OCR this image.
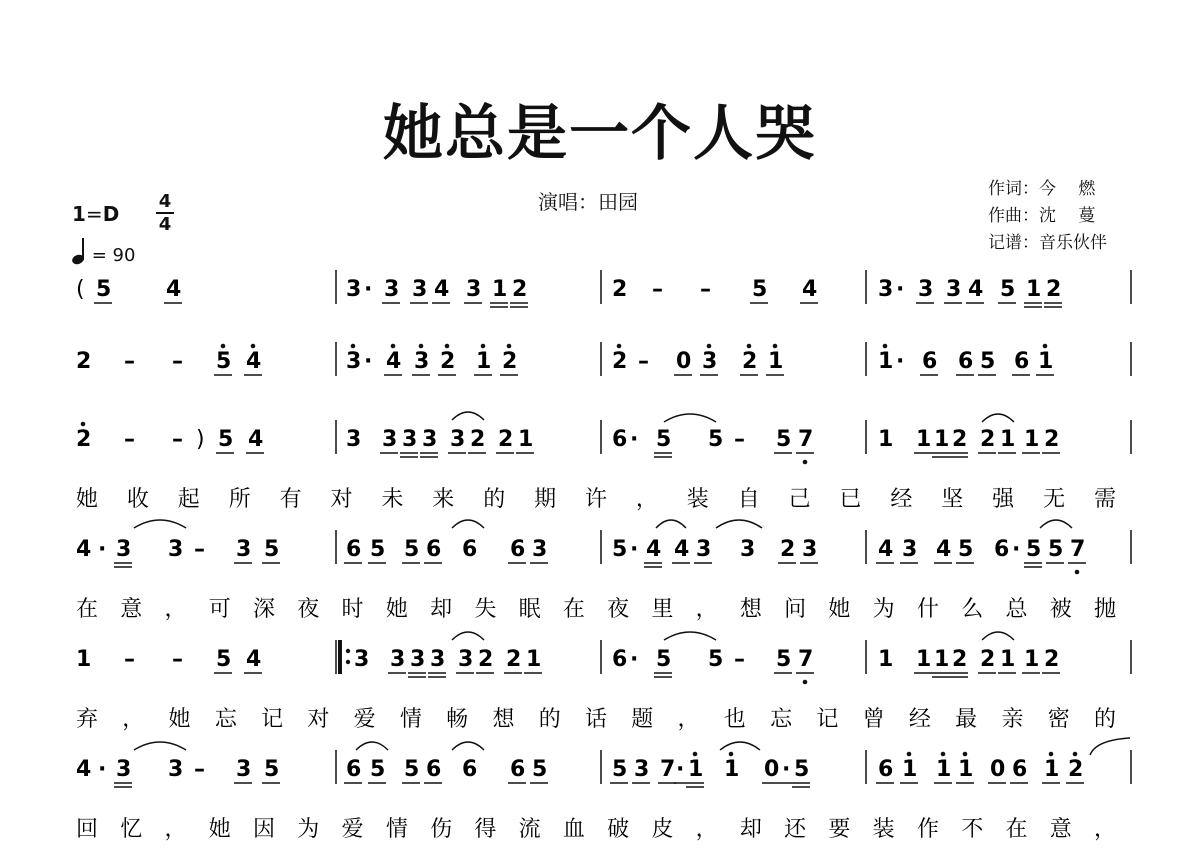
她总是一个人哭
演唱：田园
作词：今　 燃
作曲：沈　 蔓
记谱：音乐伙伴
1=D
4
4
= 90
( 5 4	3 · 3 3 4 3 1 2	2 – – 5 4	3 · 3 3 4 5 1 2
2 – – 5 4	3 · 4 3 2 1 2	2 – 0 3 2 1	1 · 6 6 5 6 1
2 – – ) 5 4	3 3 3 3 3 2 2 1	6 · 5 5 – 5 7	1 1 1 2 2 1 1 2
她收起所有对未来的期许，装自己已经坚强无需
4 · 3 3 – 3 5	6 5 5 6 6 6 3	5 · 4 4 3 3 2 3	4 3 4 5 6 · 5 5 7
在意，可深夜时她却失眠在夜里，想问她为什么总被抛
1 – – 5 4	3 3 3 3 3 2 2 1	6 · 5 5 – 5 7	1 1 1 2 2 1 1 2
弃，她忘记对爱情畅想的话题，也忘记曾经最亲密的
4 · 3 3 – 3 5	6 5 5 6 6 6 5	5 3 7 · 1 1 0 · 5	6 1 1 1 0 6 1 2
回忆，她因为爱情伤得流血破皮，却还要装作不在意，
